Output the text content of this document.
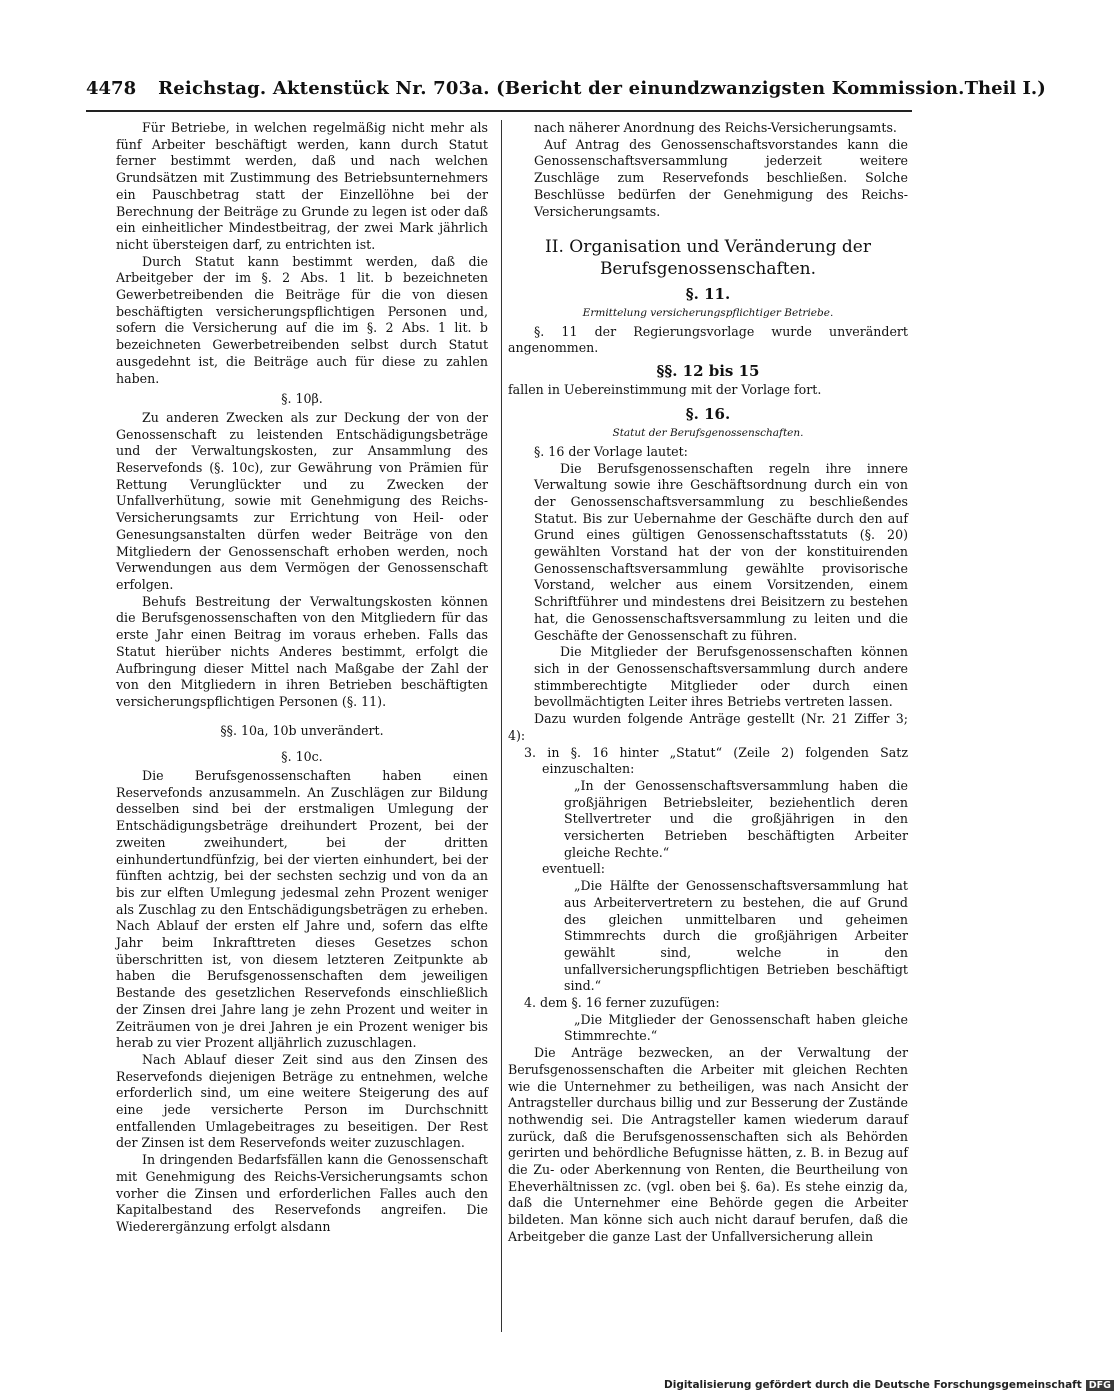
4478 Reichstag. Aktenstück Nr. 703a. (Bericht der einundzwanzigsten Kommission. Theil I.)

Für Betriebe, in welchen regelmäßig nicht mehr als fünf Arbeiter beschäftigt werden, kann durch Statut ferner bestimmt werden, daß und nach welchen Grundsätzen mit Zustimmung des Betriebsunternehmers ein Pauschbetrag statt der Einzellöhne bei der Berechnung der Beiträge zu Grunde zu legen ist oder daß ein einheitlicher Mindestbeitrag, der zwei Mark jährlich nicht übersteigen darf, zu entrichten ist.

Durch Statut kann bestimmt werden, daß die Arbeitgeber der im §. 2 Abs. 1 lit. b bezeichneten Gewerbetreibenden die Beiträge für die von diesen beschäftigten versicherungspflichtigen Personen und, sofern die Versicherung auf die im §. 2 Abs. 1 lit. b bezeichneten Gewerbetreibenden selbst durch Statut ausgedehnt ist, die Beiträge auch für diese zu zahlen haben.

§. 10β.

Zu anderen Zwecken als zur Deckung der von der Genossenschaft zu leistenden Entschädigungsbeträge und der Verwaltungskosten, zur Ansammlung des Reservefonds (§. 10c), zur Gewährung von Prämien für Rettung Verunglückter und zu Zwecken der Unfallverhütung, sowie mit Genehmigung des Reichs-Versicherungsamts zur Errichtung von Heil- oder Genesungsanstalten dürfen weder Beiträge von den Mitgliedern der Genossenschaft erhoben werden, noch Verwendungen aus dem Vermögen der Genossenschaft erfolgen.

Behufs Bestreitung der Verwaltungskosten können die Berufsgenossenschaften von den Mitgliedern für das erste Jahr einen Beitrag im voraus erheben. Falls das Statut hierüber nichts Anderes bestimmt, erfolgt die Aufbringung dieser Mittel nach Maßgabe der Zahl der von den Mitgliedern in ihren Betrieben beschäftigten versicherungspflichtigen Personen (§. 11).

§§. 10a, 10b unverändert.

§. 10c.

Die Berufsgenossenschaften haben einen Reservefonds anzusammeln. An Zuschlägen zur Bildung desselben sind bei der erstmaligen Umlegung der Entschädigungsbeträge dreihundert Prozent, bei der zweiten zweihundert, bei der dritten einhundertundfünfzig, bei der vierten einhundert, bei der fünften achtzig, bei der sechsten sechzig und von da an bis zur elften Umlegung jedesmal zehn Prozent weniger als Zuschlag zu den Entschädigungsbeträgen zu erheben. Nach Ablauf der ersten elf Jahre und, sofern das elfte Jahr beim Inkrafttreten dieses Gesetzes schon überschritten ist, von diesem letzteren Zeitpunkte ab haben die Berufsgenossenschaften dem jeweiligen Bestande des gesetzlichen Reservefonds einschließlich der Zinsen drei Jahre lang je zehn Prozent und weiter in Zeiträumen von je drei Jahren je ein Prozent weniger bis herab zu vier Prozent alljährlich zuzuschlagen.

Nach Ablauf dieser Zeit sind aus den Zinsen des Reservefonds diejenigen Beträge zu entnehmen, welche erforderlich sind, um eine weitere Steigerung des auf eine jede versicherte Person im Durchschnitt entfallenden Umlagebeitrages zu beseitigen. Der Rest der Zinsen ist dem Reservefonds weiter zuzuschlagen.

In dringenden Bedarfsfällen kann die Genossenschaft mit Genehmigung des Reichs-Versicherungsamts schon vorher die Zinsen und erforderlichen Falles auch den Kapitalbestand des Reservefonds angreifen. Die Wiederergänzung erfolgt alsdann

nach näherer Anordnung des Reichs-Versicherungsamts.

Auf Antrag des Genossenschaftsvorstandes kann die Genossenschaftsversammlung jederzeit weitere Zuschläge zum Reservefonds beschließen. Solche Beschlüsse bedürfen der Genehmigung des Reichs-Versicherungsamts.

II. Organisation und Veränderung der Berufsgenossenschaften.

§. 11.

Ermittelung versicherungspflichtiger Betriebe.

§. 11 der Regierungsvorlage wurde unverändert angenommen.

§§. 12 bis 15

fallen in Uebereinstimmung mit der Vorlage fort.

§. 16.

Statut der Berufsgenossenschaften.

§. 16 der Vorlage lautet:

Die Berufsgenossenschaften regeln ihre innere Verwaltung sowie ihre Geschäftsordnung durch ein von der Genossenschaftsversammlung zu beschließendes Statut. Bis zur Uebernahme der Geschäfte durch den auf Grund eines gültigen Genossenschaftsstatuts (§. 20) gewählten Vorstand hat der von der konstituirenden Genossenschaftsversammlung gewählte provisorische Vorstand, welcher aus einem Vorsitzenden, einem Schriftführer und mindestens drei Beisitzern zu bestehen hat, die Genossenschaftsversammlung zu leiten und die Geschäfte der Genossenschaft zu führen.

Die Mitglieder der Berufsgenossenschaften können sich in der Genossenschaftsversammlung durch andere stimmberechtigte Mitglieder oder durch einen bevollmächtigten Leiter ihres Betriebs vertreten lassen.

Dazu wurden folgende Anträge gestellt (Nr. 21 Ziffer 3; 4):

3. in §. 16 hinter „Statut“ (Zeile 2) folgenden Satz einzuschalten:

„In der Genossenschaftsversammlung haben die großjährigen Betriebsleiter, beziehentlich deren Stellvertreter und die großjährigen in den versicherten Betrieben beschäftigten Arbeiter gleiche Rechte.“

eventuell:

„Die Hälfte der Genossenschaftsversammlung hat aus Arbeitervertretern zu bestehen, die auf Grund des gleichen unmittelbaren und geheimen Stimmrechts durch die großjährigen Arbeiter gewählt sind, welche in den unfallversicherungspflichtigen Betrieben beschäftigt sind.“

4. dem §. 16 ferner zuzufügen:

„Die Mitglieder der Genossenschaft haben gleiche Stimmrechte.“

Die Anträge bezwecken, an der Verwaltung der Berufsgenossenschaften die Arbeiter mit gleichen Rechten wie die Unternehmer zu betheiligen, was nach Ansicht der Antragsteller durchaus billig und zur Besserung der Zustände nothwendig sei. Die Antragsteller kamen wiederum darauf zurück, daß die Berufsgenossenschaften sich als Behörden gerirten und behördliche Befugnisse hätten, z. B. in Bezug auf die Zu- oder Aberkennung von Renten, die Beurtheilung von Eheverhältnissen zc. (vgl. oben bei §. 6a). Es stehe einzig da, daß die Unternehmer eine Behörde gegen die Arbeiter bildeten. Man könne sich auch nicht darauf berufen, daß die Arbeitgeber die ganze Last der Unfallversicherung allein

Digitalisierung gefördert durch die Deutsche Forschungsgemeinschaft DFG
